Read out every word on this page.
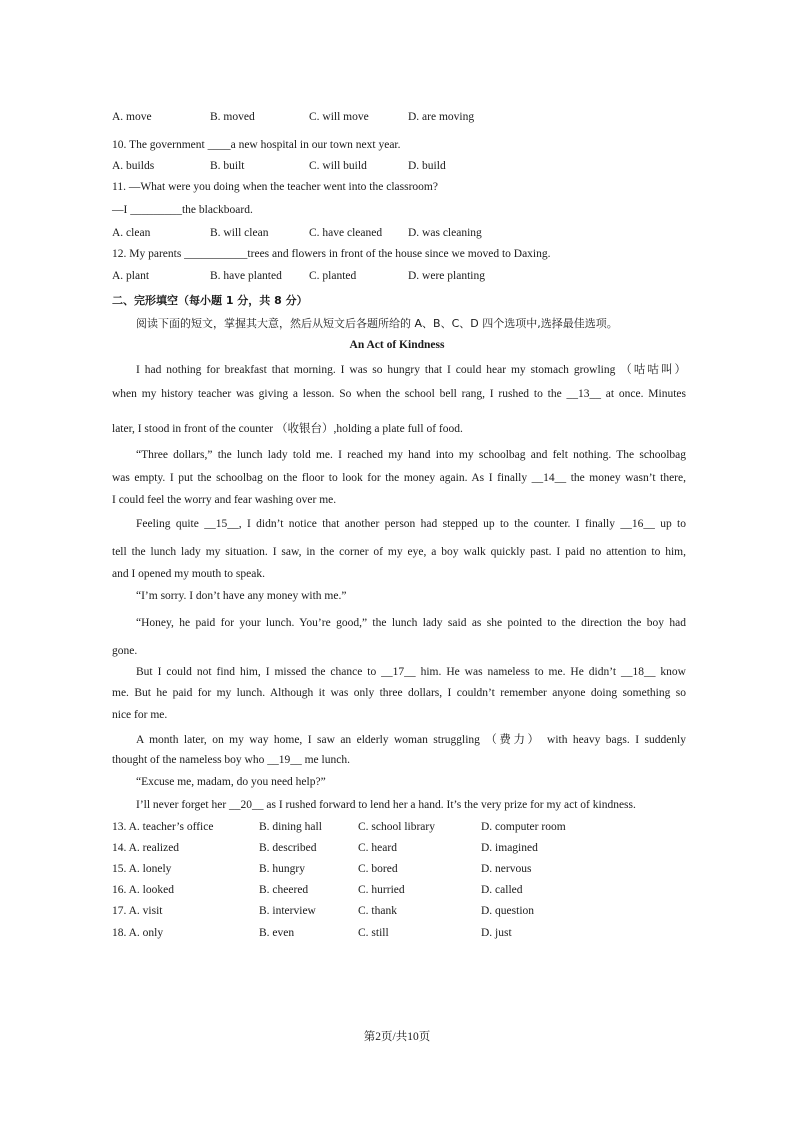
A. move	B. moved	C. will move	D. are moving
10. The government ____a new hospital in our town next year.
A. builds	B. built	C. will build	D. build
11. —What were you doing when the teacher went into the classroom?
—I _________the blackboard.
A. clean	B. will clean	C. have cleaned D. was cleaning
12. My parents ___________trees and flowers in front of the house since we moved to Daxing.
A. plant	B. have planted C. planted	D. were planting
二、完形填空（每小题 1 分，共 8 分）
阅读下面的短文，掌握其大意，然后从短文后各题所给的 A、B、C、D 四个选项中,选择最佳选项。
An Act of Kindness
I had nothing for breakfast that morning. I was so hungry that I could hear my stomach growling （咕咕叫）
when my history teacher was giving a lesson. So when the school bell rang, I rushed to the __13__ at once. Minutes
later, I stood in front of the counter （收银台）,holding a plate full of food.
“Three dollars,” the lunch lady told me. I reached my hand into my schoolbag and felt nothing. The schoolbag
was empty. I put the schoolbag on the floor to look for the money again. As I finally __14__ the money wasn’t there,
I could feel the worry and fear washing over me.
Feeling quite __15__, I didn’t notice that another person had stepped up to the counter. I finally __16__ up to
tell the lunch lady my situation. I saw, in the corner of my eye, a boy walk quickly past. I paid no attention to him,
and I opened my mouth to speak.
“I’m sorry. I don’t have any money with me.”
“Honey, he paid for your lunch. You’re good,” the lunch lady said as she pointed to the direction the boy had
gone.
But I could not find him, I missed the chance to __17__ him. He was nameless to me. He didn’t __18__ know
me. But he paid for my lunch. Although it was only three dollars, I couldn’t remember anyone doing something so
nice for me.
A month later, on my way home, I saw an elderly woman struggling （费力） with heavy bags. I suddenly
thought of the nameless boy who __19__ me lunch.
“Excuse me, madam, do you need help?”
I’ll never forget her __20__ as I rushed forward to lend her a hand. It’s the very prize for my act of kindness.
13. A. teacher’s office	B. dining hall	C. school library	D. computer room
14. A. realized	B. described	C. heard	D. imagined
15. A. lonely	B. hungry	C. bored	D. nervous
16. A. looked	B. cheered	C. hurried	D. called
17. A. visit	B. interview	C. thank	D. question
18. A. only	B. even	C. still	D. just
第2页/共10页
